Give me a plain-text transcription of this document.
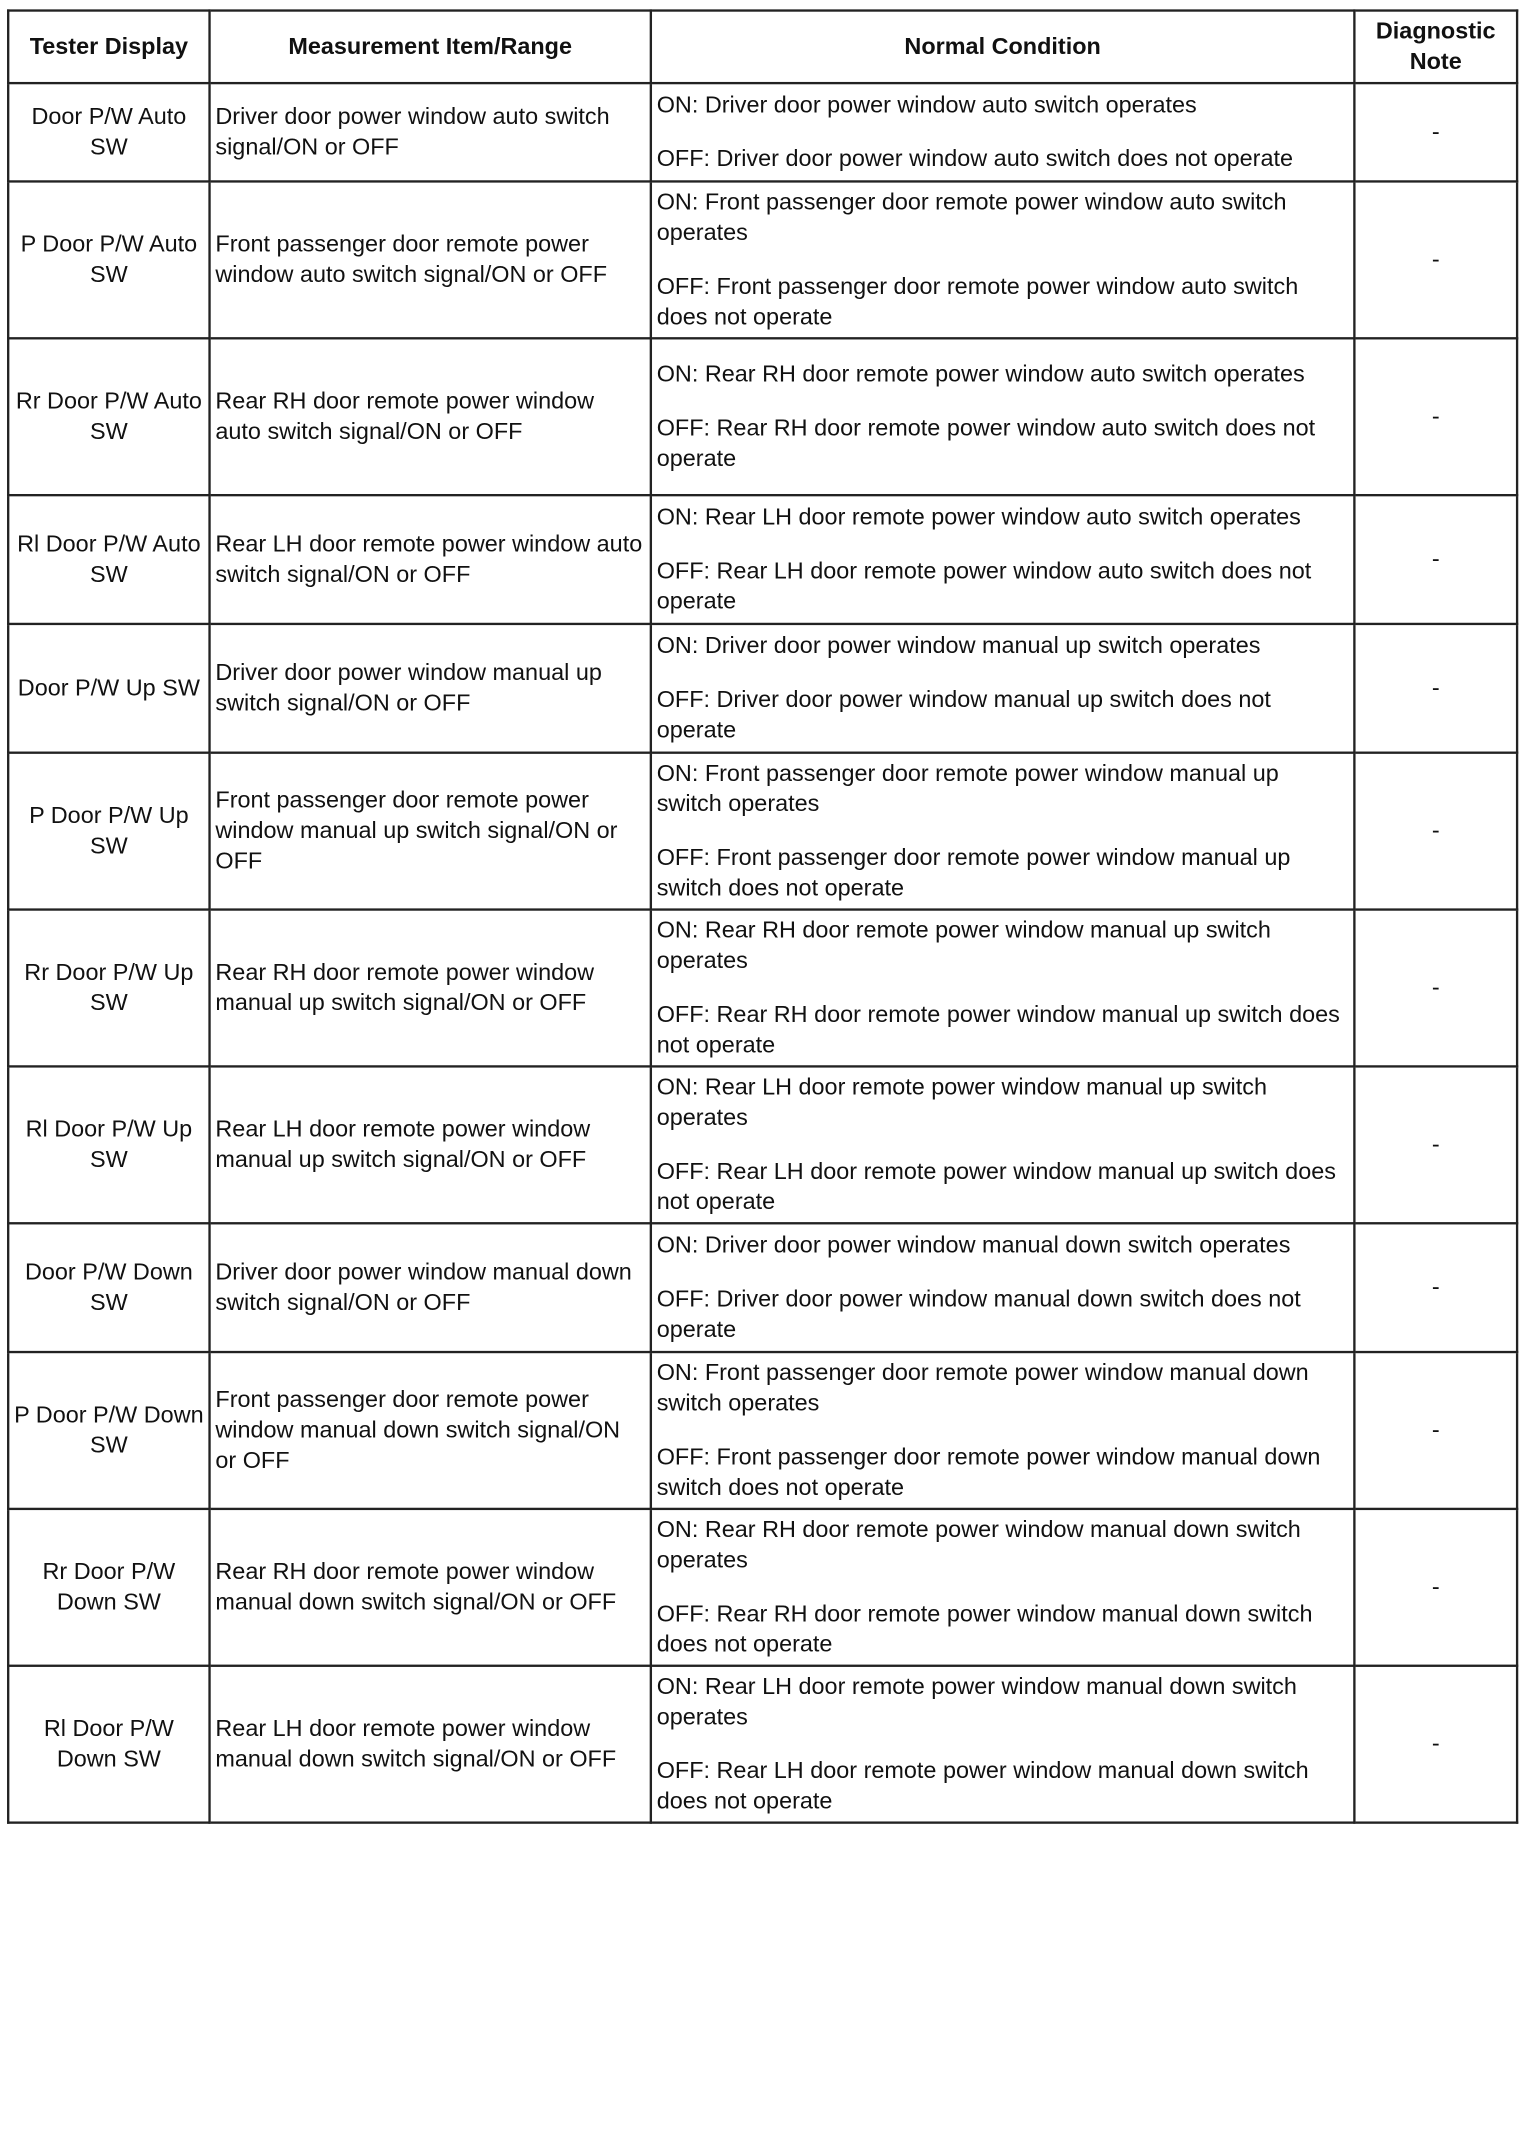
Tester Display	Measurement Item/Range	Normal Condition	Diagnostic Note
Door P/W Auto SW	Driver door power window auto switch signal/ON or OFF	ON: Driver door power window auto switch operates
OFF: Driver door power window auto switch does not operate	-
P Door P/W Auto SW	Front passenger door remote power window auto switch signal/ON or OFF	ON: Front passenger door remote power window auto switch operates
OFF: Front passenger door remote power window auto switch does not operate	-
Rr Door P/W Auto SW	Rear RH door remote power window auto switch signal/ON or OFF	ON: Rear RH door remote power window auto switch operates
OFF: Rear RH door remote power window auto switch does not operate	-
Rl Door P/W Auto SW	Rear LH door remote power window auto switch signal/ON or OFF	ON: Rear LH door remote power window auto switch operates
OFF: Rear LH door remote power window auto switch does not operate	-
Door P/W Up SW	Driver door power window manual up switch signal/ON or OFF	ON: Driver door power window manual up switch operates
OFF: Driver door power window manual up switch does not operate	-
P Door P/W Up SW	Front passenger door remote power window manual up switch signal/ON or OFF	ON: Front passenger door remote power window manual up switch operates
OFF: Front passenger door remote power window manual up switch does not operate	-
Rr Door P/W Up SW	Rear RH door remote power window manual up switch signal/ON or OFF	ON: Rear RH door remote power window manual up switch operates
OFF: Rear RH door remote power window manual up switch does not operate	-
Rl Door P/W Up SW	Rear LH door remote power window manual up switch signal/ON or OFF	ON: Rear LH door remote power window manual up switch operates
OFF: Rear LH door remote power window manual up switch does not operate	-
Door P/W Down SW	Driver door power window manual down switch signal/ON or OFF	ON: Driver door power window manual down switch operates
OFF: Driver door power window manual down switch does not operate	-
P Door P/W Down SW	Front passenger door remote power window manual down switch signal/ON or OFF	ON: Front passenger door remote power window manual down switch operates
OFF: Front passenger door remote power window manual down switch does not operate	-
Rr Door P/W Down SW	Rear RH door remote power window manual down switch signal/ON or OFF	ON: Rear RH door remote power window manual down switch operates
OFF: Rear RH door remote power window manual down switch does not operate	-
Rl Door P/W Down SW	Rear LH door remote power window manual down switch signal/ON or OFF	ON: Rear LH door remote power window manual down switch operates
OFF: Rear LH door remote power window manual down switch does not operate	-
